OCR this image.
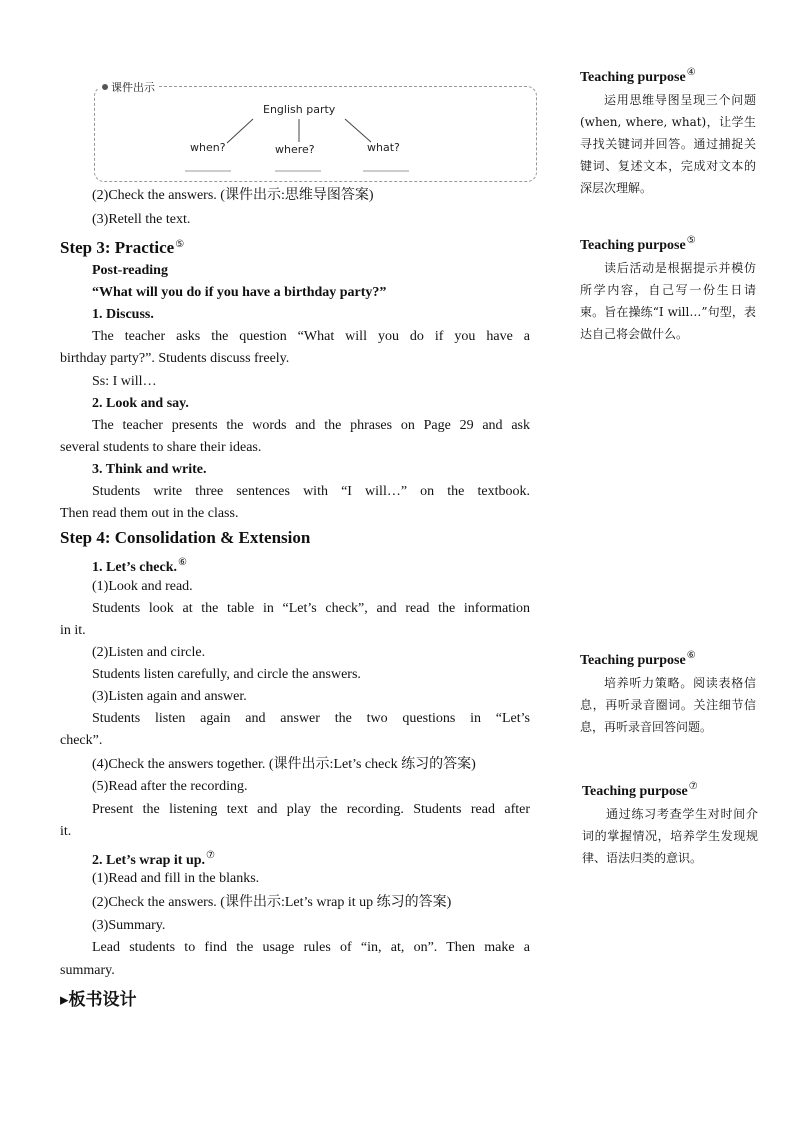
课件出示
English party
when?	where?	what?
(2)Check the answers. (课件出示:思维导图答案)
(3)Retell the text.
Step 3: Practice⑤
Post-reading
“What will you do if you have a birthday party?”
1. Discuss.
The teacher asks the question “What will you do if you have a
birthday party?”. Students discuss freely.
Ss: I will…
2. Look and say.
The teacher presents the words and the phrases on Page 29 and ask
several students to share their ideas.
3. Think and write.
Students write three sentences with “I will…” on the textbook.
Then read them out in the class.
Step 4: Consolidation & Extension
1. Let’s check.⑥
(1)Look and read.
Students look at the table in “Let’s check”, and read the information
in it.
(2)Listen and circle.
Students listen carefully, and circle the answers.
(3)Listen again and answer.
Students listen again and answer the two questions in “Let’s
check”.
(4)Check the answers together. (课件出示:Let’s check 练习的答案)
(5)Read after the recording.
Present the listening text and play the recording. Students read after
it.
2. Let’s wrap it up.⑦
(1)Read and fill in the blanks.
(2)Check the answers. (课件出示:Let’s wrap it up 练习的答案)
(3)Summary.
Lead students to find the usage rules of “in, at, on”. Then make a
summary.
▸板书设计
Teaching purpose④
运用思维导图呈现三个问题(when, where, what)，让学生寻找关键词并回答。通过捕捉关键词、复述文本，完成对文本的深层次理解。
Teaching purpose⑤
读后活动是根据提示并模仿所学内容，自己写一份生日请柬。旨在操练“I will…”句型，表达自己将会做什么。
Teaching purpose⑥
培养听力策略。阅读表格信息，再听录音圈词。关注细节信息，再听录音回答问题。
Teaching purpose⑦
通过练习考查学生对时间介词的掌握情况，培养学生发现规律、语法归类的意识。
